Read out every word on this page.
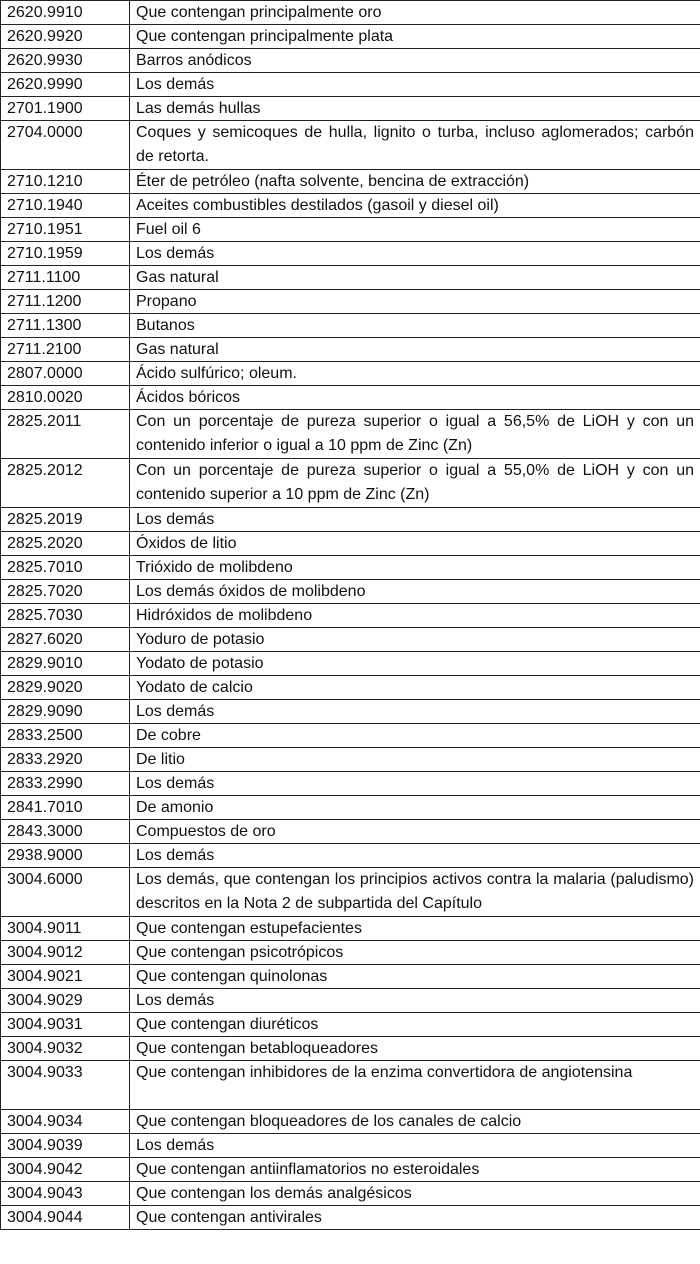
2620.9910	Que contengan principalmente oro
2620.9920	Que contengan principalmente plata
2620.9930	Barros anódicos
2620.9990	Los demás
2701.1900	Las demás hullas
2704.0000	Coques y semicoques de hulla, lignito o turba, incluso aglomerados; carbón de retorta.
2710.1210	Éter de petróleo (nafta solvente, bencina de extracción)
2710.1940	Aceites combustibles destilados (gasoil y diesel oil)
2710.1951	Fuel oil 6
2710.1959	Los demás
2711.1100	Gas natural
2711.1200	Propano
2711.1300	Butanos
2711.2100	Gas natural
2807.0000	Ácido sulfúrico; oleum.
2810.0020	Ácidos bóricos
2825.2011	Con un porcentaje de pureza superior o igual a 56,5% de LiOH y con un contenido inferior o igual a 10 ppm de Zinc (Zn)
2825.2012	Con un porcentaje de pureza superior o igual a 55,0% de LiOH y con un contenido superior a 10 ppm de Zinc (Zn)
2825.2019	Los demás
2825.2020	Óxidos de litio
2825.7010	Trióxido de molibdeno
2825.7020	Los demás óxidos de molibdeno
2825.7030	Hidróxidos de molibdeno
2827.6020	Yoduro de potasio
2829.9010	Yodato de potasio
2829.9020	Yodato de calcio
2829.9090	Los demás
2833.2500	De cobre
2833.2920	De litio
2833.2990	Los demás
2841.7010	De amonio
2843.3000	Compuestos de oro
2938.9000	Los demás
3004.6000	Los demás, que contengan los principios activos contra la malaria (paludismo) descritos en la Nota 2 de subpartida del Capítulo
3004.9011	Que contengan estupefacientes
3004.9012	Que contengan psicotrópicos
3004.9021	Que contengan quinolonas
3004.9029	Los demás
3004.9031	Que contengan diuréticos
3004.9032	Que contengan betabloqueadores
3004.9033	Que contengan inhibidores de la enzima convertidora de angiotensina
3004.9034	Que contengan bloqueadores de los canales de calcio
3004.9039	Los demás
3004.9042	Que contengan antiinflamatorios no esteroidales
3004.9043	Que contengan los demás analgésicos
3004.9044	Que contengan antivirales
